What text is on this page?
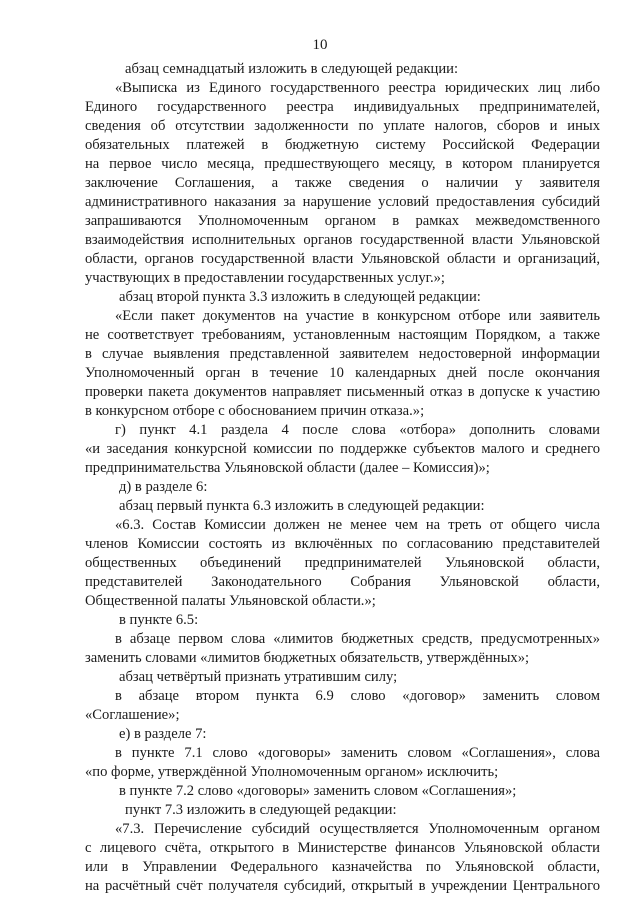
10
абзац семнадцатый изложить в следующей редакции:
«Выписка из Единого государственного реестра юридических лиц либо
Единого государственного реестра индивидуальных предпринимателей,
сведения об отсутствии задолженности по уплате налогов, сборов и иных
обязательных платежей в бюджетную систему Российской Федерации
на первое число месяца, предшествующего месяцу, в котором планируется
заключение Соглашения, а также сведения о наличии у заявителя
административного наказания за нарушение условий предоставления субсидий
запрашиваются Уполномоченным органом в рамках межведомственного
взаимодействия исполнительных органов государственной власти Ульяновской
области, органов государственной власти Ульяновской области и организаций,
участвующих в предоставлении государственных услуг.»;
абзац второй пункта 3.3 изложить в следующей редакции:
«Если пакет документов на участие в конкурсном отборе или заявитель
не соответствует требованиям, установленным настоящим Порядком, а также
в случае выявления представленной заявителем недостоверной информации
Уполномоченный орган в течение 10 календарных дней после окончания
проверки пакета документов направляет письменный отказ в допуске к участию
в конкурсном отборе с обоснованием причин отказа.»;
г) пункт 4.1 раздела 4 после слова «отбора» дополнить словами
«и заседания конкурсной комиссии по поддержке субъектов малого и среднего
предпринимательства Ульяновской области (далее – Комиссия)»;
д) в разделе 6:
абзац первый пункта 6.3 изложить в следующей редакции:
«6.3. Состав Комиссии должен не менее чем на треть от общего числа
членов Комиссии состоять из включённых по согласованию представителей
общественных объединений предпринимателей Ульяновской области,
представителей Законодательного Собрания Ульяновской области,
Общественной палаты Ульяновской области.»;
в пункте 6.5:
в абзаце первом слова «лимитов бюджетных средств, предусмотренных»
заменить словами «лимитов бюджетных обязательств, утверждённых»;
абзац четвёртый признать утратившим силу;
в абзаце втором пункта 6.9 слово «договор» заменить словом
«Соглашение»;
е) в разделе 7:
в пункте 7.1 слово «договоры» заменить словом «Соглашения», слова
«по форме, утверждённой Уполномоченным органом» исключить;
в пункте 7.2 слово «договоры» заменить словом «Соглашения»;
пункт 7.3 изложить в следующей редакции:
«7.3. Перечисление субсидий осуществляется Уполномоченным органом
с лицевого счёта, открытого в Министерстве финансов Ульяновской области
или в Управлении Федерального казначейства по Ульяновской области,
на расчётный счёт получателя субсидий, открытый в учреждении Центрального
